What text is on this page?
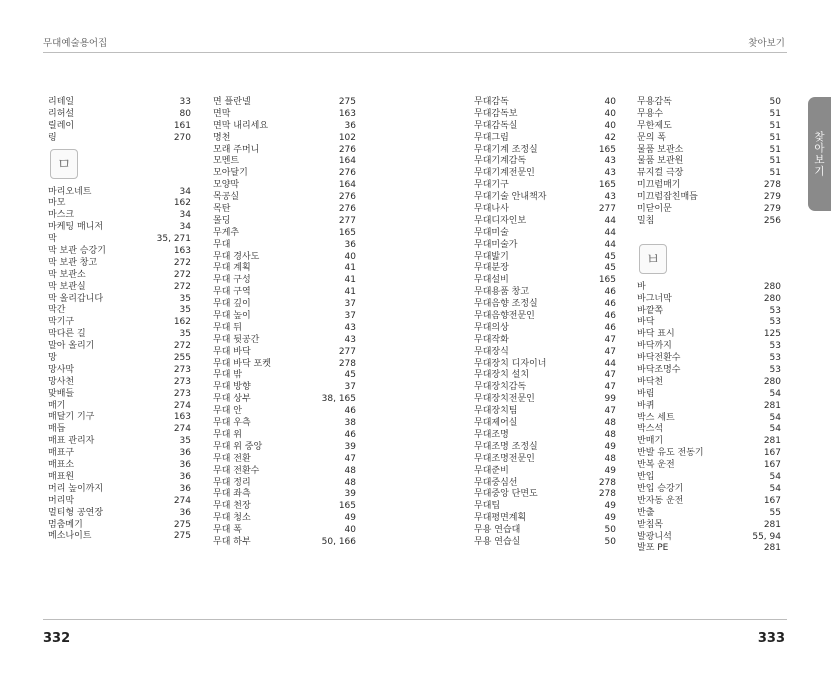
무대예술용어집	찾아보기
리테일	33
리허설	80
릴레이	161
링	270
ㅁ
마리오네트	34
마모	162
마스크	34
마케팅 매니저	34
막	35, 271
막 보관 승강기	163
막 보관 창고	272
막 보관소	272
막 보관실	272
막 올리갑니다	35
막간	35
막기구	162
막다른 길	35
말아 올리기	272
망	255
망사막	273
망사천	273
맞배들	273
매기	274
매달기 기구	163
매듭	274
매표 관리자	35
매표구	36
매표소	36
매표원	36
머리 높이까지	36
머리막	274
멀티형 공연장	36
멈춤메기	275
메소나이트	275
면 플란넬	275
면막	163
면막 내리세요	36
명천	102
모래 주머니	276
모멘트	164
모아달기	276
모양막	164
목공실	276
목탄	276
몰딩	277
무게추	165
무대	36
무대 경사도	40
무대 계획	41
무대 구성	41
무대 구역	41
무대 깊이	37
무대 높이	37
무대 뒤	43
무대 뒷공간	43
무대 바닥	277
무대 바닥 포켓	278
무대 밖	45
무대 방향	37
무대 상부	38, 165
무대 안	46
무대 우측	38
무대 위	46
무대 위 중앙	39
무대 전환	47
무대 전환수	48
무대 정리	48
무대 좌측	39
무대 천장	165
무대 청소	49
무대 폭	40
무대 하부	50, 166
무대감독	40
무대감독보	40
무대감독실	40
무대그림	42
무대기계 조정실	165
무대기계감독	43
무대기계전문인	43
무대기구	165
무대기술 안내책자	43
무대나사	277
무대디자인보	44
무대미술	44
무대미술가	44
무대밟기	45
무대분장	45
무대설비	165
무대용품 창고	46
무대음향 조정실	46
무대음향전문인	46
무대의상	46
무대작화	47
무대장식	47
무대장치 디자이너	44
무대장치 설치	47
무대장치감독	47
무대장치전문인	99
무대장치팀	47
무대제어실	48
무대조명	48
무대조명 조정실	49
무대조명전문인	48
무대준비	49
무대중심선	278
무대중앙 단면도	278
무대팁	49
무대평면계획	49
무용 연습대	50
무용 연습실	50
무용감독	50
무용수	51
무한제도	51
문의 폭	51
물품 보관소	51
물품 보관원	51
뮤지컬 극장	51
미끄럼매기	278
미끄럼잡친매듭	279
미닫이문	279
밀침	256
ㅂ
바	280
바그너막	280
바깥쪽	53
바닥	53
바닥 표시	125
바닥까지	53
바닥전환수	53
바닥조명수	53
바닥천	280
바림	54
바퀴	281
박스 세트	54
박스석	54
반매기	281
반발 유도 전동기	167
반복 운전	167
반입	54
반입 승강기	54
반자동 운전	167
반출	55
받침목	281
발광니석	55, 94
발포 PE	281
찾아보기
332	333
